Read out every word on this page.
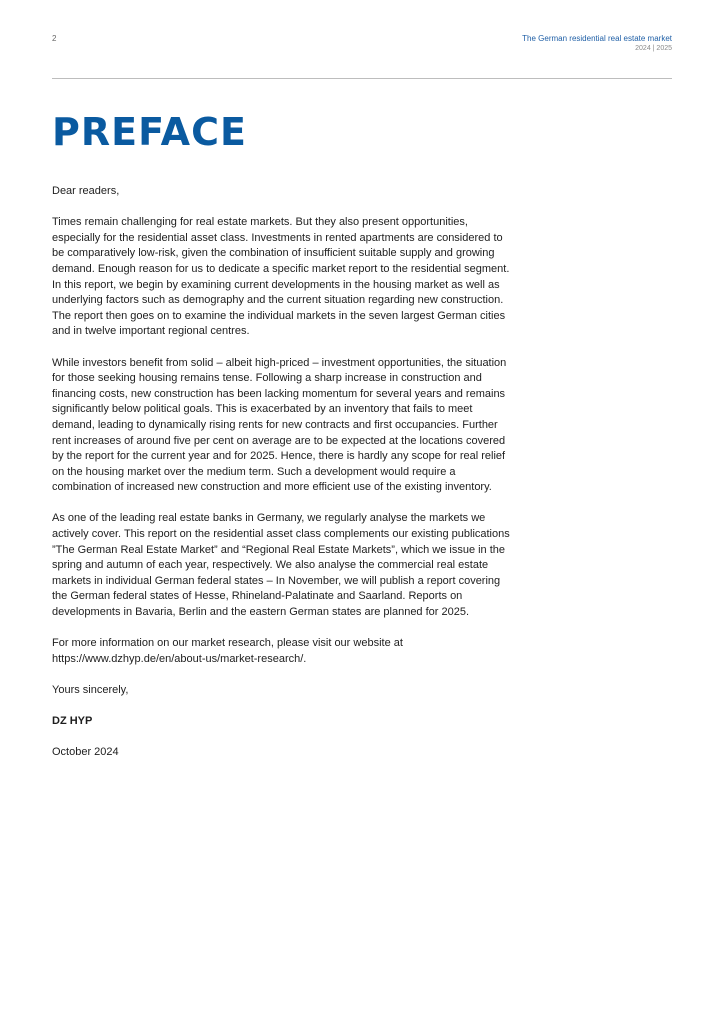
2	The German residential real estate market
2024 | 2025
PREFACE

Dear readers,

Times remain challenging for real estate markets. But they also present opportunities, especially for the residential asset class. Investments in rented apartments are considered to be comparatively low-risk, given the combination of insufficient suitable supply and growing demand. Enough reason for us to dedicate a specific market report to the residential segment. In this report, we begin by examining current developments in the housing market as well as underlying factors such as demography and the current situation regarding new construction. The report then goes on to examine the individual markets in the seven largest German cities and in twelve important regional centres.

While investors benefit from solid – albeit high-priced – investment opportunities, the situation for those seeking housing remains tense. Following a sharp increase in construction and financing costs, new construction has been lacking momentum for several years and remains significantly below political goals. This is exacerbated by an inventory that fails to meet demand, leading to dynamically rising rents for new contracts and first occupancies. Further rent increases of around five per cent on average are to be expected at the locations covered by the report for the current year and for 2025. Hence, there is hardly any scope for real relief on the housing market over the medium term. Such a development would require a combination of increased new construction and more efficient use of the existing inventory.

As one of the leading real estate banks in Germany, we regularly analyse the markets we actively cover. This report on the residential asset class complements our existing publications ”The German Real Estate Market” and “Regional Real Estate Markets”, which we issue in the spring and autumn of each year, respectively. We also analyse the commercial real estate markets in individual German federal states – In November, we will publish a report covering the German federal states of Hesse, Rhineland-Palatinate and Saarland. Reports on developments in Bavaria, Berlin and the eastern German states are planned for 2025.

For more information on our market research, please visit our website at https://www.dzhyp.de/en/about-us/market-research/.

Yours sincerely,

DZ HYP

October 2024
